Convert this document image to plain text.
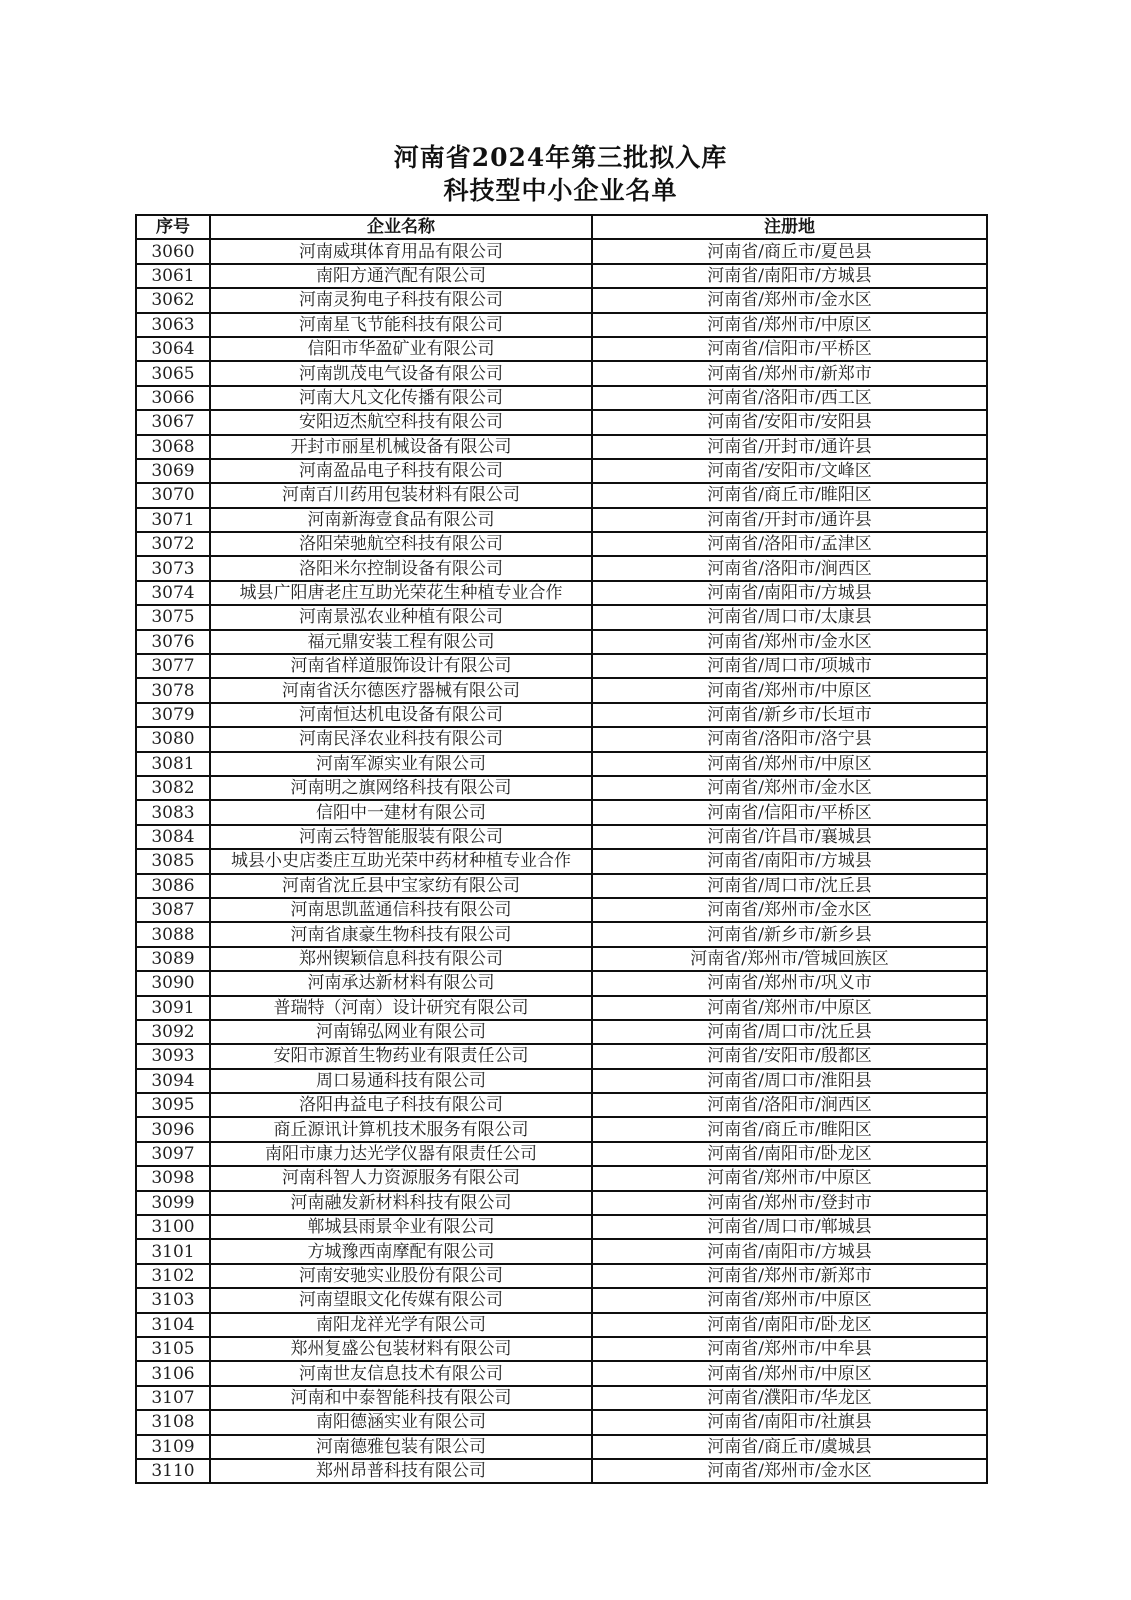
河南省2024年第三批拟入库
科技型中小企业名单
序号	企业名称	注册地
3060	河南威琪体育用品有限公司	河南省/商丘市/夏邑县
3061	南阳方通汽配有限公司	河南省/南阳市/方城县
3062	河南灵狗电子科技有限公司	河南省/郑州市/金水区
3063	河南星飞节能科技有限公司	河南省/郑州市/中原区
3064	信阳市华盈矿业有限公司	河南省/信阳市/平桥区
3065	河南凯茂电气设备有限公司	河南省/郑州市/新郑市
3066	河南大凡文化传播有限公司	河南省/洛阳市/西工区
3067	安阳迈杰航空科技有限公司	河南省/安阳市/安阳县
3068	开封市丽星机械设备有限公司	河南省/开封市/通许县
3069	河南盈品电子科技有限公司	河南省/安阳市/文峰区
3070	河南百川药用包装材料有限公司	河南省/商丘市/睢阳区
3071	河南新海壹食品有限公司	河南省/开封市/通许县
3072	洛阳荣驰航空科技有限公司	河南省/洛阳市/孟津区
3073	洛阳米尔控制设备有限公司	河南省/洛阳市/涧西区
3074	城县广阳唐老庄互助光荣花生种植专业合作	河南省/南阳市/方城县
3075	河南景泓农业种植有限公司	河南省/周口市/太康县
3076	福元鼎安装工程有限公司	河南省/郑州市/金水区
3077	河南省样道服饰设计有限公司	河南省/周口市/项城市
3078	河南省沃尔德医疗器械有限公司	河南省/郑州市/中原区
3079	河南恒达机电设备有限公司	河南省/新乡市/长垣市
3080	河南民泽农业科技有限公司	河南省/洛阳市/洛宁县
3081	河南军源实业有限公司	河南省/郑州市/中原区
3082	河南明之旗网络科技有限公司	河南省/郑州市/金水区
3083	信阳中一建材有限公司	河南省/信阳市/平桥区
3084	河南云特智能服装有限公司	河南省/许昌市/襄城县
3085	城县小史店娄庄互助光荣中药材种植专业合作	河南省/南阳市/方城县
3086	河南省沈丘县中宝家纺有限公司	河南省/周口市/沈丘县
3087	河南思凯蓝通信科技有限公司	河南省/郑州市/金水区
3088	河南省康豪生物科技有限公司	河南省/新乡市/新乡县
3089	郑州锲颖信息科技有限公司	河南省/郑州市/管城回族区
3090	河南承达新材料有限公司	河南省/郑州市/巩义市
3091	普瑞特（河南）设计研究有限公司	河南省/郑州市/中原区
3092	河南锦弘网业有限公司	河南省/周口市/沈丘县
3093	安阳市源首生物药业有限责任公司	河南省/安阳市/殷都区
3094	周口易通科技有限公司	河南省/周口市/淮阳县
3095	洛阳冉益电子科技有限公司	河南省/洛阳市/涧西区
3096	商丘源讯计算机技术服务有限公司	河南省/商丘市/睢阳区
3097	南阳市康力达光学仪器有限责任公司	河南省/南阳市/卧龙区
3098	河南科智人力资源服务有限公司	河南省/郑州市/中原区
3099	河南融发新材料科技有限公司	河南省/郑州市/登封市
3100	郸城县雨景伞业有限公司	河南省/周口市/郸城县
3101	方城豫西南摩配有限公司	河南省/南阳市/方城县
3102	河南安驰实业股份有限公司	河南省/郑州市/新郑市
3103	河南望眼文化传媒有限公司	河南省/郑州市/中原区
3104	南阳龙祥光学有限公司	河南省/南阳市/卧龙区
3105	郑州复盛公包装材料有限公司	河南省/郑州市/中牟县
3106	河南世友信息技术有限公司	河南省/郑州市/中原区
3107	河南和中泰智能科技有限公司	河南省/濮阳市/华龙区
3108	南阳德涵实业有限公司	河南省/南阳市/社旗县
3109	河南德雅包装有限公司	河南省/商丘市/虞城县
3110	郑州昂普科技有限公司	河南省/郑州市/金水区
